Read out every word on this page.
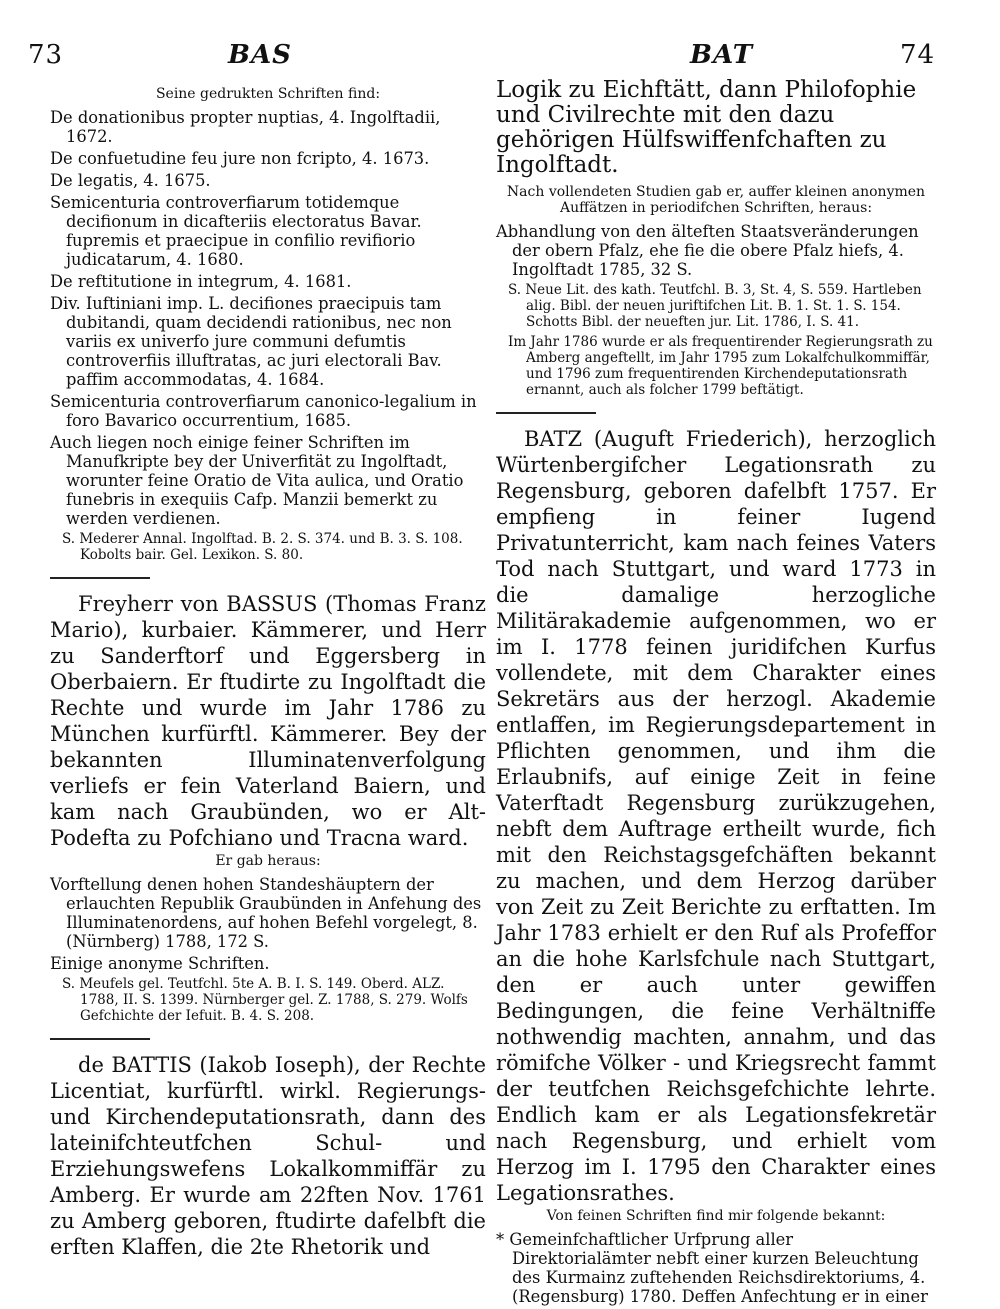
73	BAS	BAT	74
Seine gedrukten Schriften find:

De donationibus propter nuptias, 4. Ingolftadii, 1672.

De confuetudine feu jure non fcripto, 4. 1673.

De legatis, 4. 1675.

Semicenturia controverfiarum totidemque decifionum in dicafteriis electoratus Bavar. fupremis et praecipue in confilio revifiorio judicatarum, 4. 1680.

De reftitutione in integrum, 4. 1681.

Div. Iuftiniani imp. L. decifiones praecipuis tam dubitandi, quam decidendi rationibus, nec non variis ex univerfo jure communi defumtis controverfiis illuftratas, ac juri electorali Bav. paffim accommodatas, 4. 1684.

Semicenturia controverfiarum canonico-legalium in foro Bavarico occurrentium, 1685.

Auch liegen noch einige feiner Schriften im Manufkripte bey der Univerfität zu Ingolftadt, worunter feine Oratio de Vita aulica, und Oratio funebris in exequiis Cafp. Manzii bemerkt zu werden verdienen.

S. Mederer Annal. Ingolftad. B. 2. S. 374. und B. 3. S. 108. Kobolts bair. Gel. Lexikon. S. 80.

Freyherr von BASSUS (Thomas Franz Mario), kurbaier. Kämmerer, und Herr zu Sanderftorf und Eggersberg in Oberbaiern. Er ftudirte zu Ingolftadt die Rechte und wurde im Jahr 1786 zu München kurfürftl. Kämmerer. Bey der bekannten Illuminatenverfolgung verliefs er fein Vaterland Baiern, und kam nach Graubünden, wo er Alt-Podefta zu Pofchiano und Tracna ward.

Er gab heraus:

Vorftellung denen hohen Standeshäuptern der erlauchten Republik Graubünden in Anfehung des Illuminatenordens, auf hohen Befehl vorgelegt, 8. (Nürnberg) 1788, 172 S.

Einige anonyme Schriften.

S. Meufels gel. Teutfchl. 5te A. B. I. S. 149. Oberd. ALZ. 1788, II. S. 1399. Nürnberger gel. Z. 1788, S. 279. Wolfs Gefchichte der Iefuit. B. 4. S. 208.

de BATTIS (Iakob Ioseph), der Rechte Licentiat, kurfürftl. wirkl. Regierungs- und Kirchendeputationsrath, dann des lateinifchteutfchen Schul- und Erziehungswefens Lokalkommiffär zu Amberg. Er wurde am 22ften Nov. 1761 zu Amberg geboren, ftudirte dafelbft die erften Klaffen, die 2te Rhetorik und

Logik zu Eichftätt, dann Philofophie und Civilrechte mit den dazu gehörigen Hülfswiffenfchaften zu Ingolftadt.

Nach vollendeten Studien gab er, auffer kleinen anonymen Auffätzen in periodifchen Schriften, heraus:

Abhandlung von den älteften Staatsveränderungen der obern Pfalz, ehe fie die obere Pfalz hiefs, 4. Ingolftadt 1785, 32 S.

S. Neue Lit. des kath. Teutfchl. B. 3, St. 4, S. 559. Hartleben alig. Bibl. der neuen juriftifchen Lit. B. 1. St. 1. S. 154. Schotts Bibl. der neueften jur. Lit. 1786, I. S. 41.

Im Jahr 1786 wurde er als frequentirender Regierungsrath zu Amberg angeftellt, im Jahr 1795 zum Lokalfchulkommiffär, und 1796 zum frequentirenden Kirchendeputationsrath ernannt, auch als folcher 1799 beftätigt.

BATZ (Auguft Friederich), herzoglich Würtenbergifcher Legationsrath zu Regensburg, geboren dafelbft 1757. Er empfieng in feiner Iugend Privatunterricht, kam nach feines Vaters Tod nach Stuttgart, und ward 1773 in die damalige herzogliche Militärakademie aufgenommen, wo er im I. 1778 feinen juridifchen Kurfus vollendete, mit dem Charakter eines Sekretärs aus der herzogl. Akademie entlaffen, im Regierungsdepartement in Pflichten genommen, und ihm die Erlaubnifs, auf einige Zeit in feine Vaterftadt Regensburg zurükzugehen, nebft dem Auftrage ertheilt wurde, fich mit den Reichstagsgefchäften bekannt zu machen, und dem Herzog darüber von Zeit zu Zeit Berichte zu erftatten. Im Jahr 1783 erhielt er den Ruf als Profeffor an die hohe Karlsfchule nach Stuttgart, den er auch unter gewiffen Bedingungen, die feine Verhältniffe nothwendig machten, annahm, und das römifche Völker - und Kriegsrecht fammt der teutfchen Reichsgefchichte lehrte. Endlich kam er als Legationsfekretär nach Regensburg, und erhielt vom Herzog im I. 1795 den Charakter eines Legationsrathes.

Von feinen Schriften find mir folgende bekannt:

* Gemeinfchaftlicher Urfprung aller Direktorialämter nebft einer kurzen Beleuchtung des Kurmainz zuftehenden Reichsdirektoriums, 4. (Regensburg) 1780. Deffen Anfechtung er in einer
